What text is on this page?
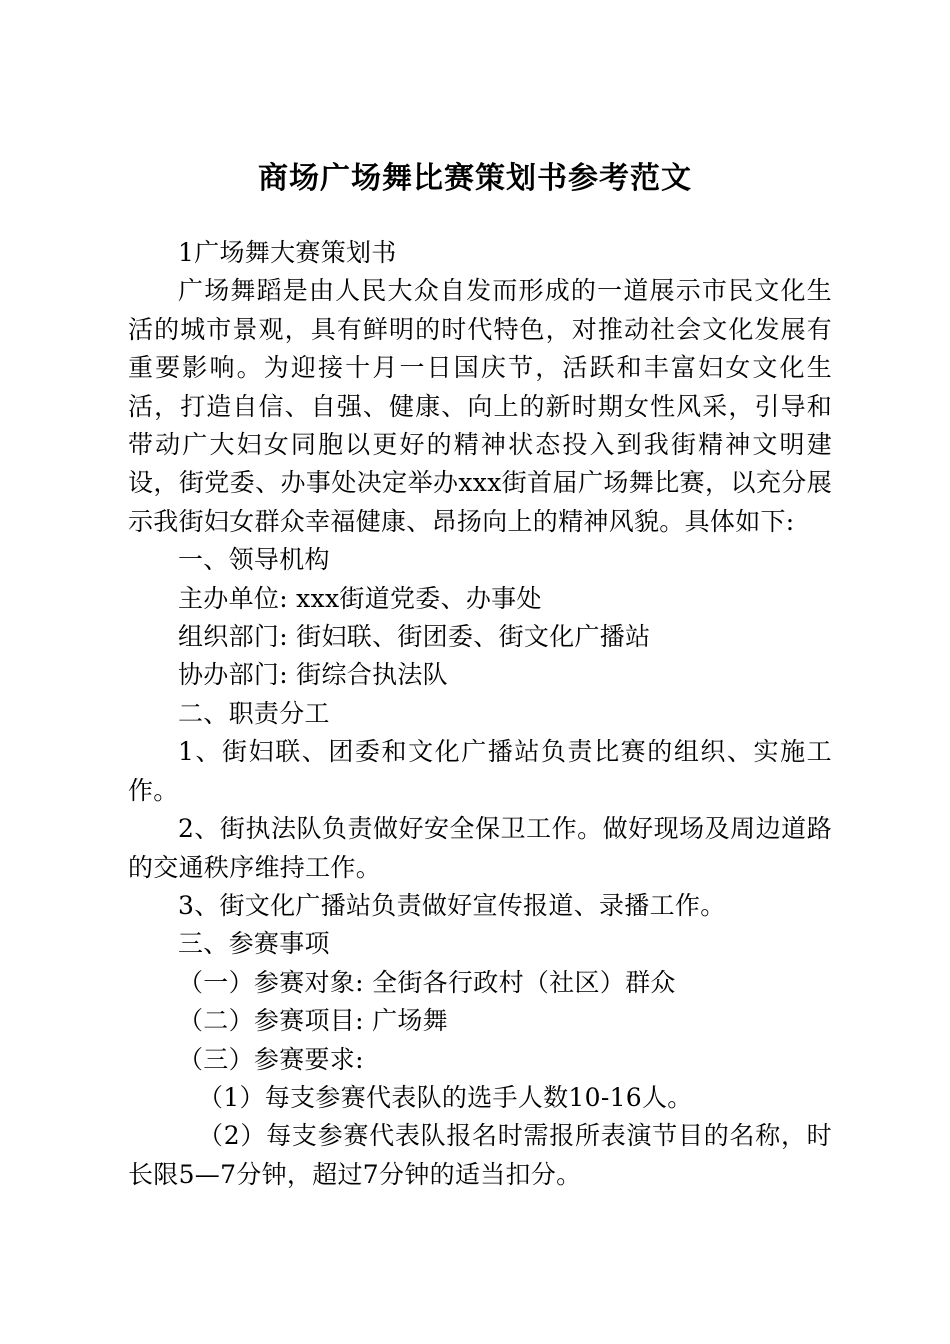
商场广场舞比赛策划书参考范文

1广场舞大赛策划书

广场舞蹈是由人民大众自发而形成的一道展示市民文化生活的城市景观，具有鲜明的时代特色，对推动社会文化发展有重要影响。为迎接十月一日国庆节，活跃和丰富妇女文化生活，打造自信、自强、健康、向上的新时期女性风采，引导和带动广大妇女同胞以更好的精神状态投入到我街精神文明建设，街党委、办事处决定举办xxx街首届广场舞比赛，以充分展示我街妇女群众幸福健康、昂扬向上的精神风貌。具体如下:

一、领导机构

主办单位: xxx街道党委、办事处

组织部门: 街妇联、街团委、街文化广播站

协办部门: 街综合执法队

二、职责分工

1、街妇联、团委和文化广播站负责比赛的组织、实施工作。

2、街执法队负责做好安全保卫工作。做好现场及周边道路的交通秩序维持工作。

3、街文化广播站负责做好宣传报道、录播工作。

三、参赛事项

（一）参赛对象: 全街各行政村（社区）群众

（二）参赛项目: 广场舞

（三）参赛要求:

（1）每支参赛代表队的选手人数10-16人。

（2）每支参赛代表队报名时需报所表演节目的名称，时长限5—7分钟，超过7分钟的适当扣分。
